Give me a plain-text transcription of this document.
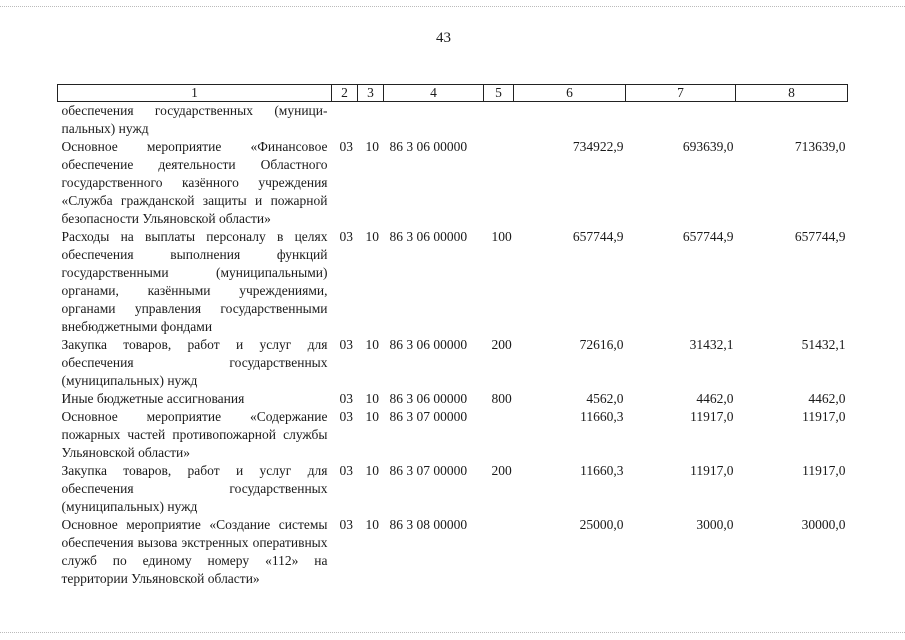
43
1	2	3	4	5	6	7	8
обеспечения государственных (муници-пальных) нужд							
Основное мероприятие «Финансовое обеспечение деятельности Областного государственного казённого учреждения «Служба гражданской защиты и пожарной безопасности Ульяновской области»	03	10	86 3 06 00000		734922,9	693639,0	713639,0
Расходы на выплаты персоналу в целях обеспечения выполнения функций государственными (муниципальными) органами, казёнными учреждениями, органами управления государственными внебюджетными фондами	03	10	86 3 06 00000	100	657744,9	657744,9	657744,9
Закупка товаров, работ и услуг для обеспечения государственных (муниципальных) нужд	03	10	86 3 06 00000	200	72616,0	31432,1	51432,1
Иные бюджетные ассигнования	03	10	86 3 06 00000	800	4562,0	4462,0	4462,0
Основное мероприятие «Содержание пожарных частей противопожарной службы Ульяновской области»	03	10	86 3 07 00000		11660,3	11917,0	11917,0
Закупка товаров, работ и услуг для обеспечения государственных (муниципальных) нужд	03	10	86 3 07 00000	200	11660,3	11917,0	11917,0
Основное мероприятие «Создание системы обеспечения вызова экстренных оперативных служб по единому номеру «112» на территории Ульяновской области»	03	10	86 3 08 00000		25000,0	3000,0	30000,0
